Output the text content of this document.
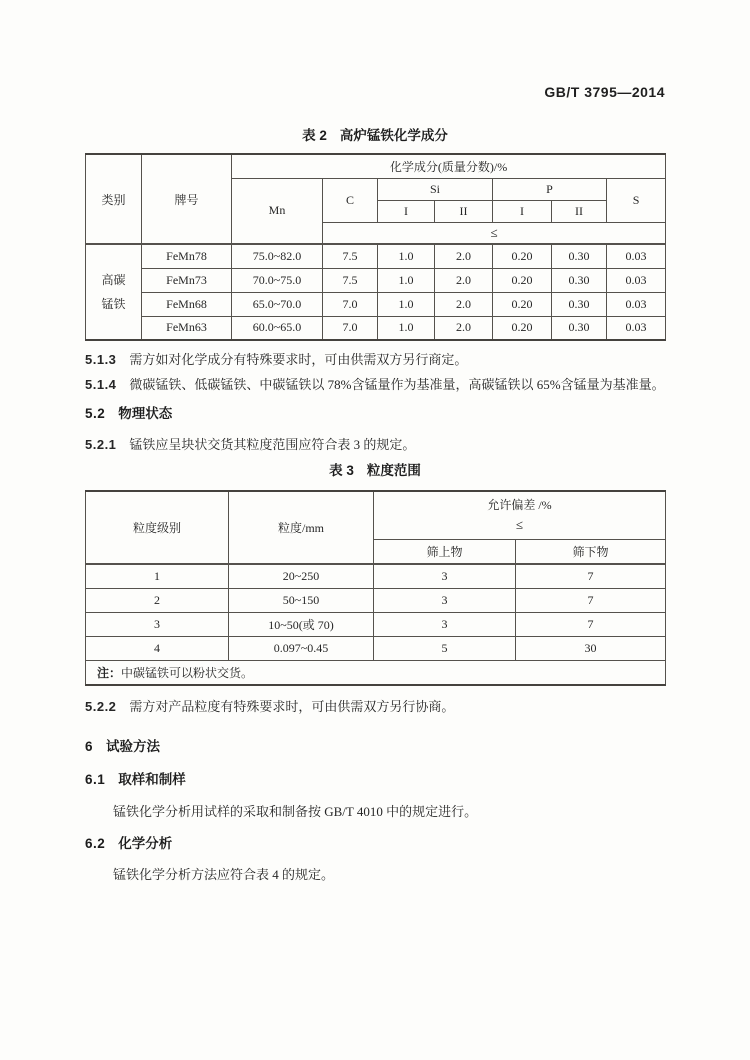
GB/T 3795—2014
表 2 高炉锰铁化学成分
类别	牌号	化学成分(质量分数)/%						
		Mn	C	Si		P		S
				I	II	I	II	
			≤					

高碳
锰铁	FeMn78	75.0~82.0	7.5	1.0	2.0	0.20	0.30	0.03
	FeMn73	70.0~75.0	7.5	1.0	2.0	0.20	0.30	0.03
	FeMn68	65.0~70.0	7.0	1.0	2.0	0.20	0.30	0.03
	FeMn63	60.0~65.0	7.0	1.0	2.0	0.20	0.30	0.03

5.1.3 需方如对化学成分有特殊要求时，可由供需双方另行商定。

5.1.4 微碳锰铁、低碳锰铁、中碳锰铁以 78%含锰量作为基准量，高碳锰铁以 65%含锰量为基准量。

5.2 物理状态

5.2.1 锰铁应呈块状交货其粒度范围应符合表 3 的规定。

表 3 粒度范围
粒度级别	粒度/mm	允许偏差 /%
≤	

		筛上物	筛下物
1	20~250	3	7
2	50~150	3	7
3	10~50(或 70)	3	7
4	0.097~0.45	5	30
注：中碳锰铁可以粉状交货。			

5.2.2 需方对产品粒度有特殊要求时，可由供需双方另行协商。

6 试验方法
6.1 取样和制样

锰铁化学分析用试样的采取和制备按 GB/T 4010 中的规定进行。

6.2 化学分析

锰铁化学分析方法应符合表 4 的规定。
